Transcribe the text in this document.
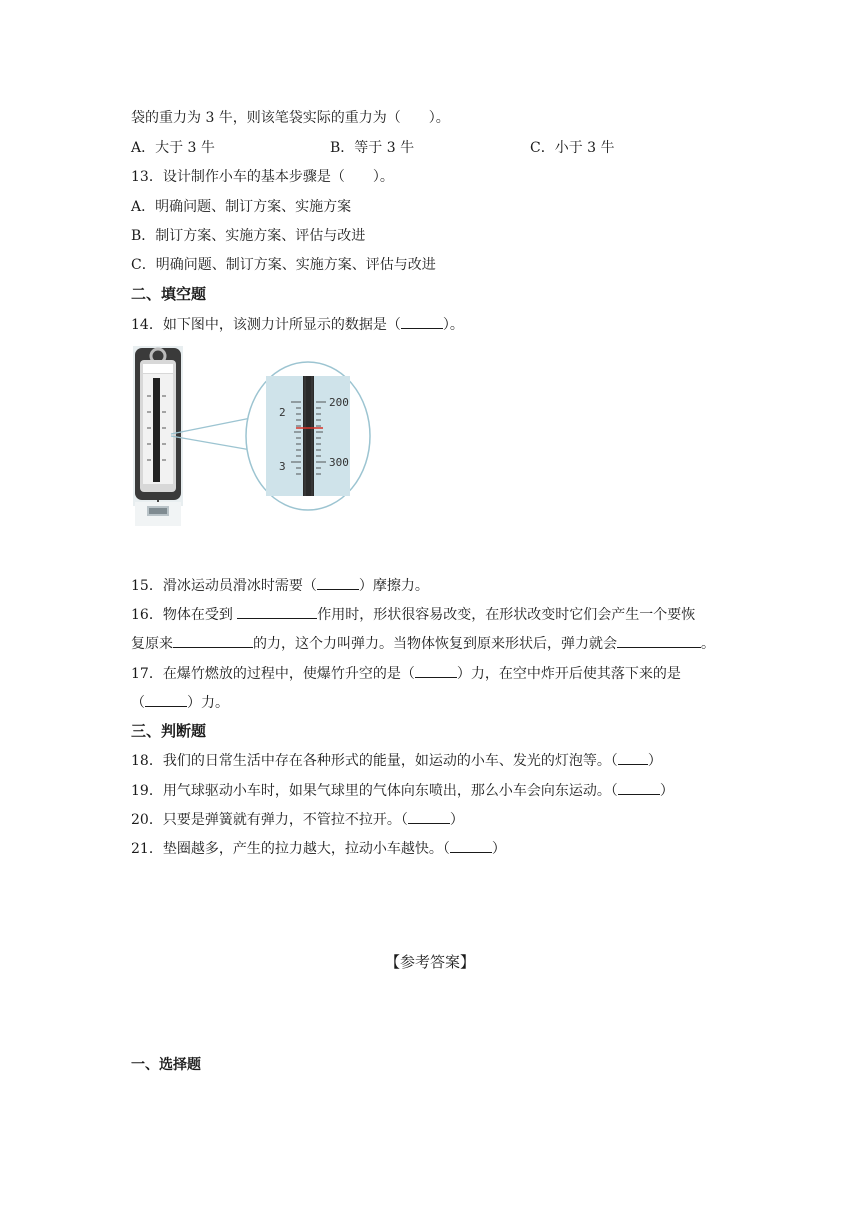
袋的重力为 3 牛，则该笔袋实际的重力为（　　）。
A．大于 3 牛	B．等于 3 牛	C．小于 3 牛
13．设计制作小车的基本步骤是（　　）。
A．明确问题、制订方案、实施方案
B．制订方案、实施方案、评估与改进
C．明确问题、制订方案、实施方案、评估与改进
二、填空题
14．如下图中，该测力计所显示的数据是（	）。
2
3
200
300
15．滑冰运动员滑冰时需要（	）摩擦力。
16．物体在受到	作用时，形状很容易改变，在形状改变时它们会产生一个要恢
复原来	的力，这个力叫弹力。当物体恢复到原来形状后，弹力就会	。
17．在爆竹燃放的过程中，使爆竹升空的是（	）力，在空中炸开后使其落下来的是
（	）力。
三、判断题
18．我们的日常生活中存在各种形式的能量，如运动的小车、发光的灯泡等。（ ）
19．用气球驱动小车时，如果气球里的气体向东喷出，那么小车会向东运动。（	）
20．只要是弹簧就有弹力，不管拉不拉开。（	）
21．垫圈越多，产生的拉力越大，拉动小车越快。（	）
【参考答案】
一、选择题
